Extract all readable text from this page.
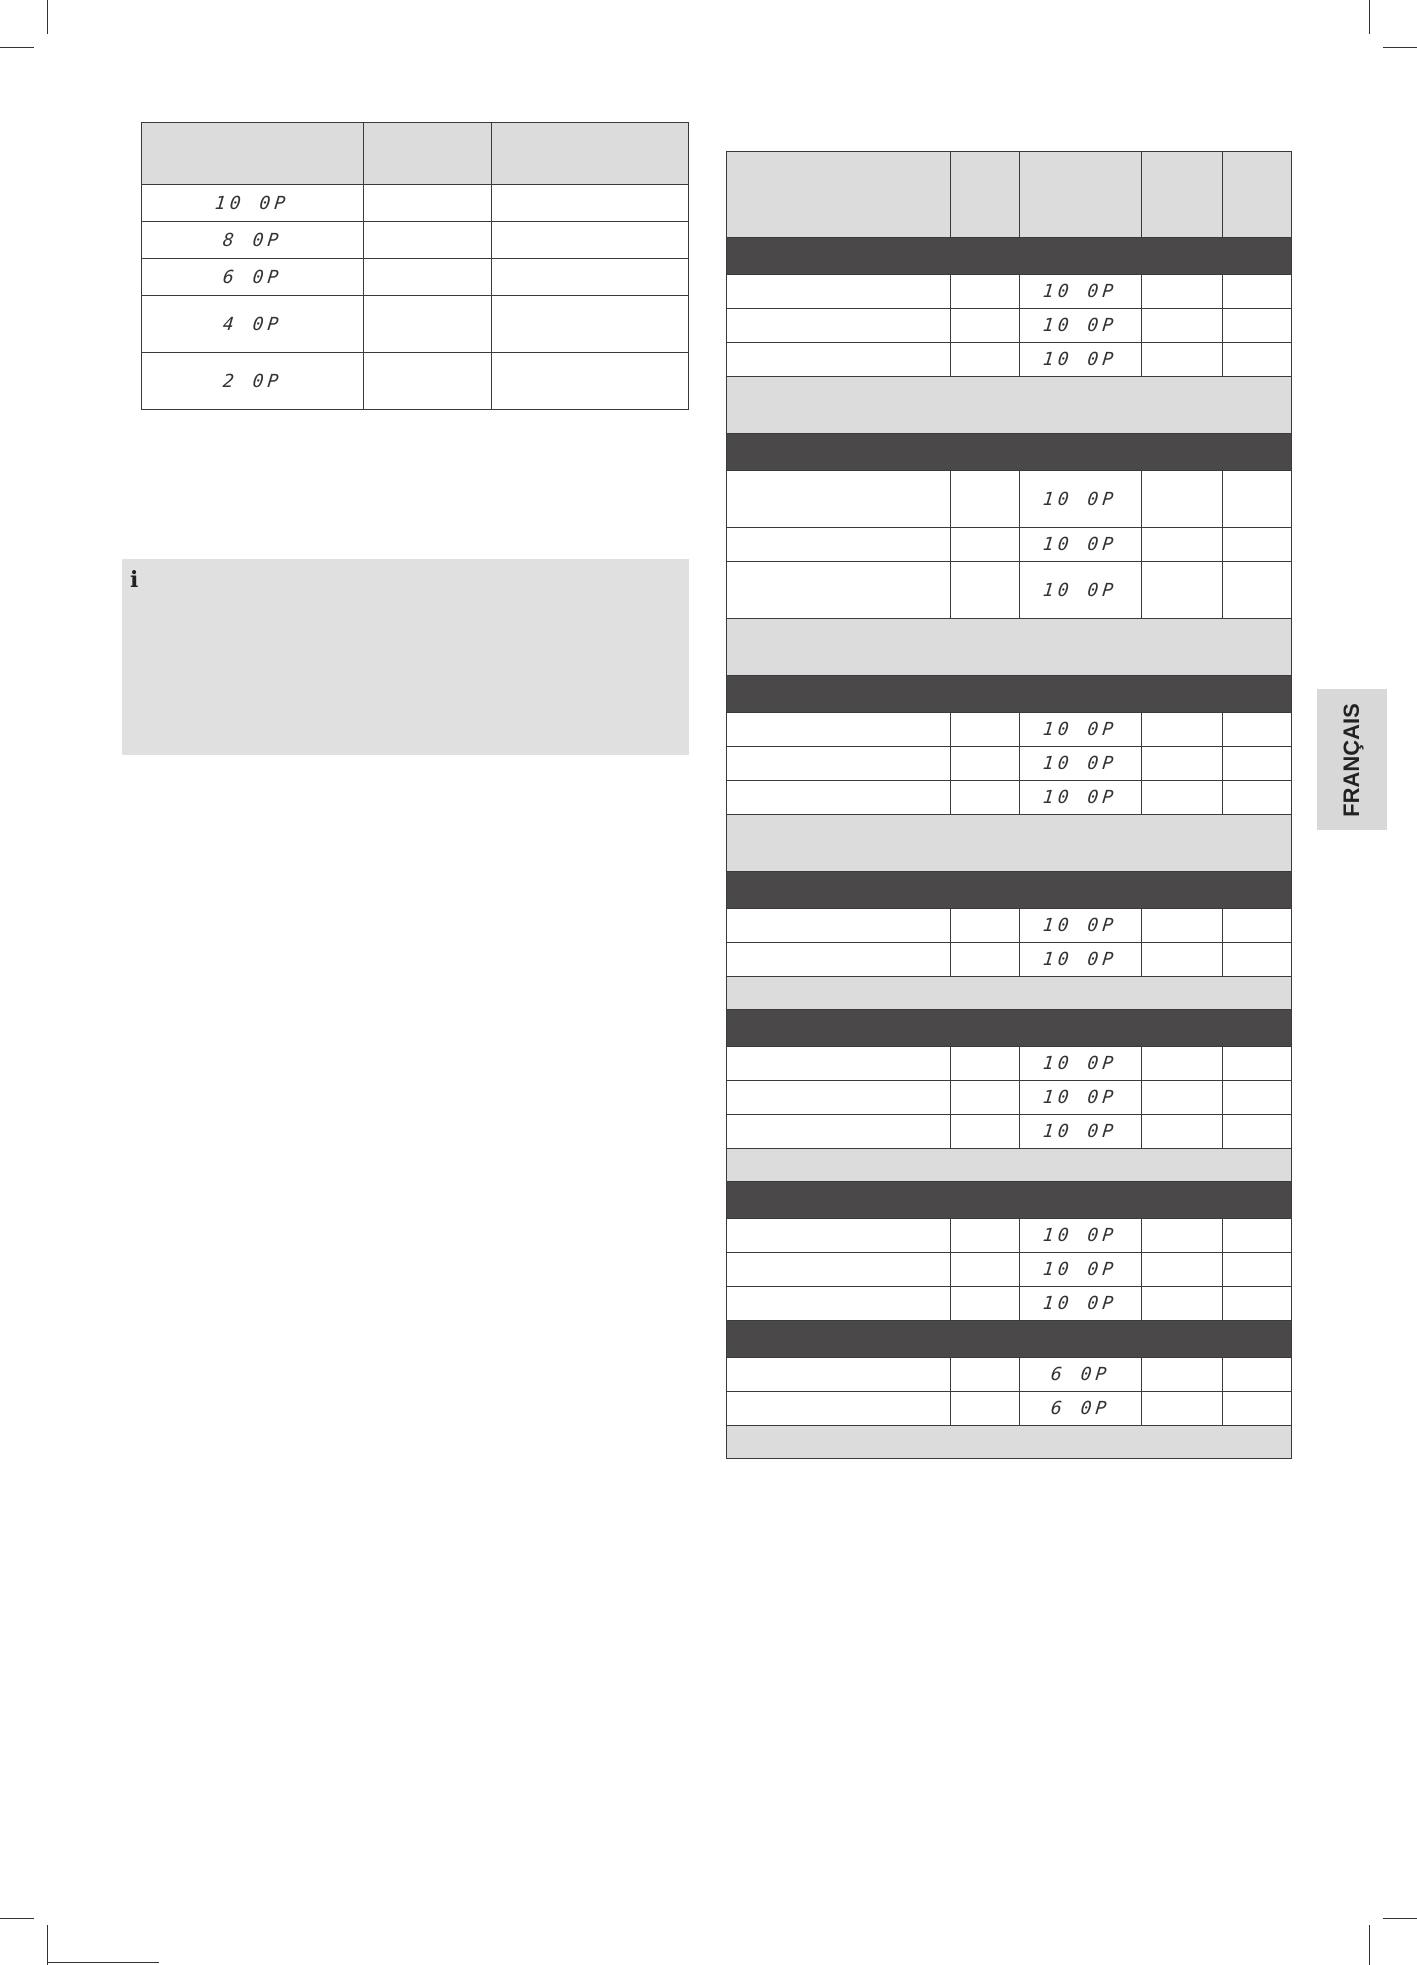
10 0P		
8 0P		
6 0P		
4 0P		
2 0P		
i

		10 0P		
		10 0P		
		10 0P		

		10 0P		
		10 0P		
		10 0P		

		10 0P		
		10 0P		
		10 0P		

		10 0P		
		10 0P		

		10 0P		
		10 0P		
		10 0P		

		10 0P		
		10 0P		
		10 0P		

		6 0P		
		6 0P		

FRANÇAIS
